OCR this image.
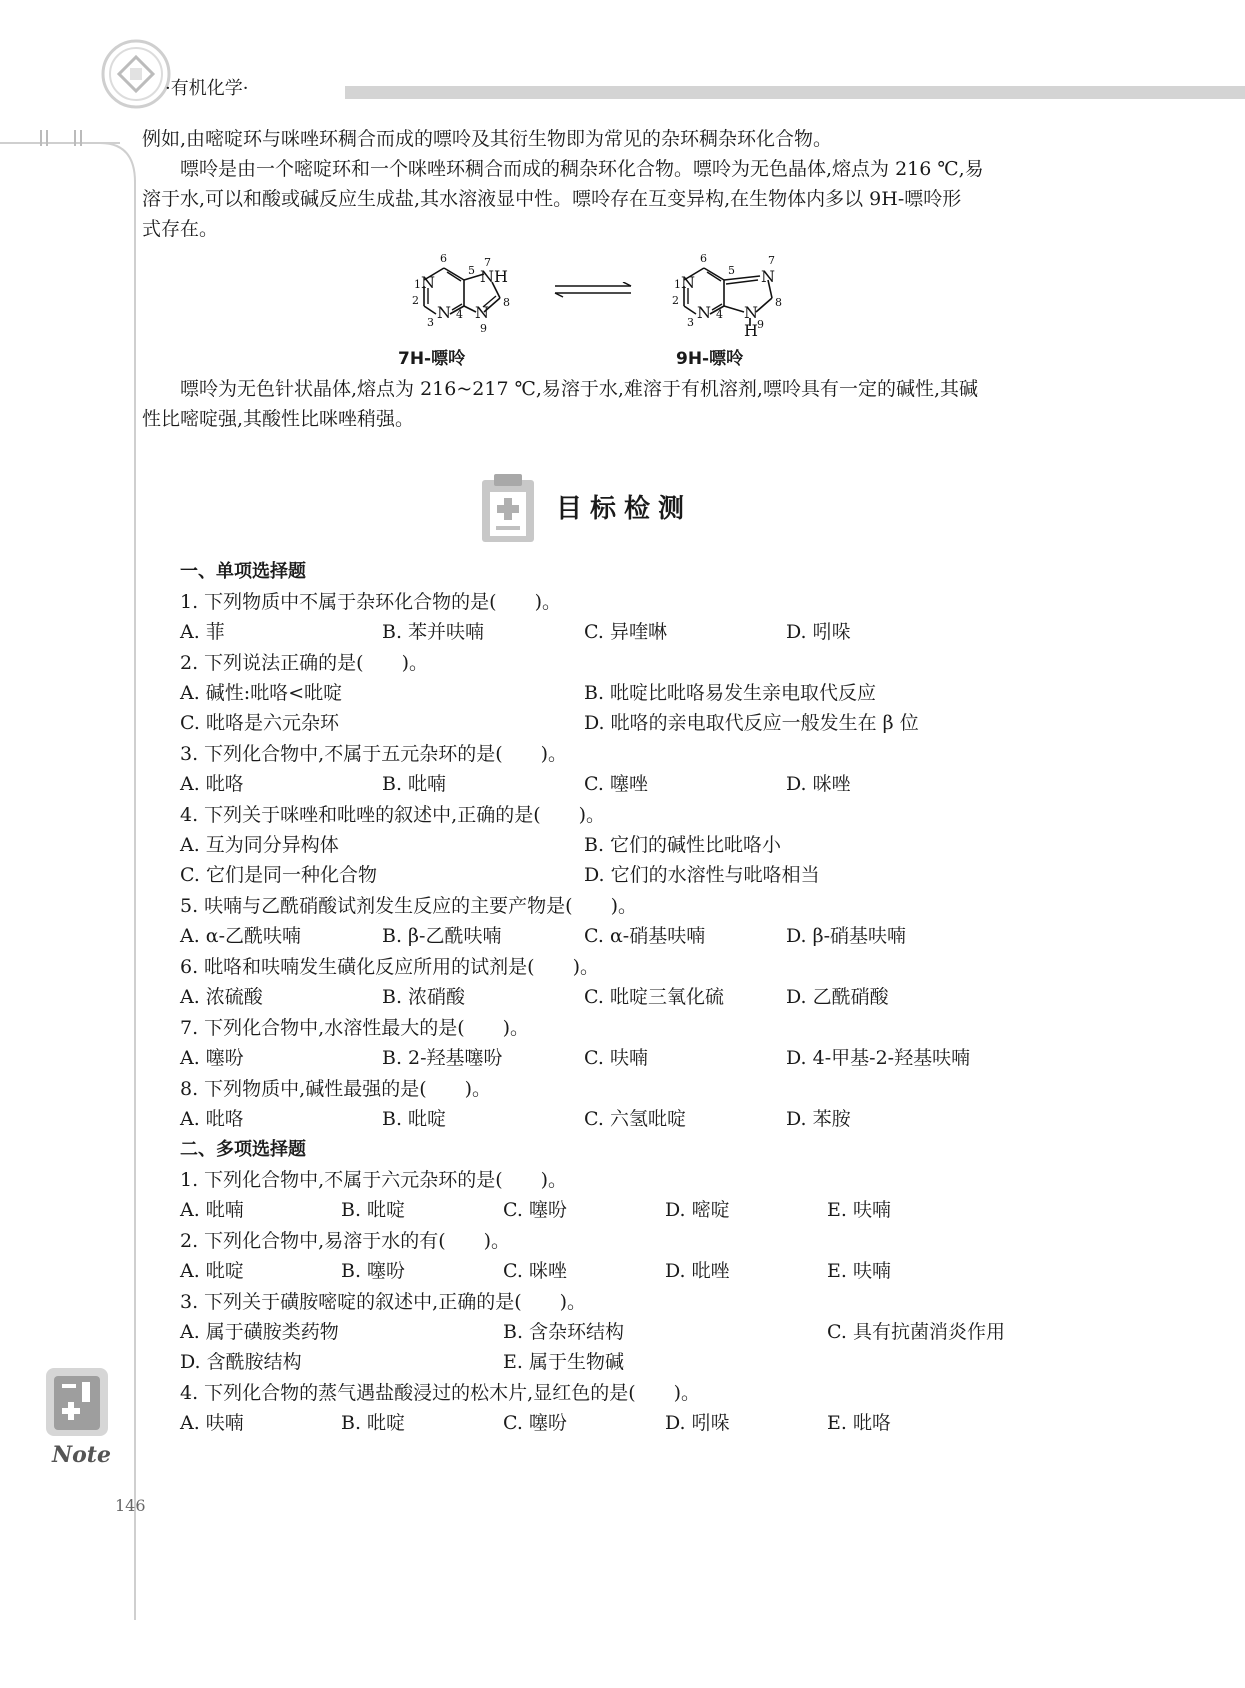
·有机化学·
例如,由嘧啶环与咪唑环稠合而成的嘌呤及其衍生物即为常见的杂环稠杂环化合物。
嘌呤是由一个嘧啶环和一个咪唑环稠合而成的稠杂环化合物。嘌呤为无色晶体,熔点为 216 ℃,易
溶于水,可以和酸或碱反应生成盐,其水溶液显中性。嘌呤存在互变异构,在生物体内多以 9H-嘌呤形
式存在。
1 N
2
3
N 4
5
6	7
NH
8
N
9
7H-嘌呤
1 N
2
3
N 4
5
6	7
N
8
N
H 9
9H-嘌呤
嘌呤为无色针状晶体,熔点为 216~217 ℃,易溶于水,难溶于有机溶剂,嘌呤具有一定的碱性,其碱
性比嘧啶强,其酸性比咪唑稍强。
目标检测
一、单项选择题
1. 下列物质中不属于杂环化合物的是(　　)。
A. 菲	B. 苯并呋喃	C. 异喹啉	D. 吲哚
2. 下列说法正确的是(　　)。
A. 碱性:吡咯<吡啶	B. 吡啶比吡咯易发生亲电取代反应
C. 吡咯是六元杂环	D. 吡咯的亲电取代反应一般发生在 β 位
3. 下列化合物中,不属于五元杂环的是(　　)。
A. 吡咯	B. 吡喃	C. 噻唑	D. 咪唑
4. 下列关于咪唑和吡唑的叙述中,正确的是(　　)。
A. 互为同分异构体	B. 它们的碱性比吡咯小
C. 它们是同一种化合物	D. 它们的水溶性与吡咯相当
5. 呋喃与乙酰硝酸试剂发生反应的主要产物是(　　)。
A. α-乙酰呋喃	B. β-乙酰呋喃	C. α-硝基呋喃	D. β-硝基呋喃
6. 吡咯和呋喃发生磺化反应所用的试剂是(　　)。
A. 浓硫酸	B. 浓硝酸	C. 吡啶三氧化硫	D. 乙酰硝酸
7. 下列化合物中,水溶性最大的是(　　)。
A. 噻吩	B. 2-羟基噻吩	C. 呋喃	D. 4-甲基-2-羟基呋喃
8. 下列物质中,碱性最强的是(　　)。
A. 吡咯	B. 吡啶	C. 六氢吡啶	D. 苯胺
二、多项选择题
1. 下列化合物中,不属于六元杂环的是(　　)。
A. 吡喃	B. 吡啶	C. 噻吩	D. 嘧啶	E. 呋喃
2. 下列化合物中,易溶于水的有(　　)。
A. 吡啶	B. 噻吩	C. 咪唑	D. 吡唑	E. 呋喃
3. 下列关于磺胺嘧啶的叙述中,正确的是(　　)。
A. 属于磺胺类药物	B. 含杂环结构	C. 具有抗菌消炎作用
D. 含酰胺结构	E. 属于生物碱
4. 下列化合物的蒸气遇盐酸浸过的松木片,显红色的是(　　)。
A. 呋喃	B. 吡啶	C. 噻吩	D. 吲哚	E. 吡咯
Note
146
